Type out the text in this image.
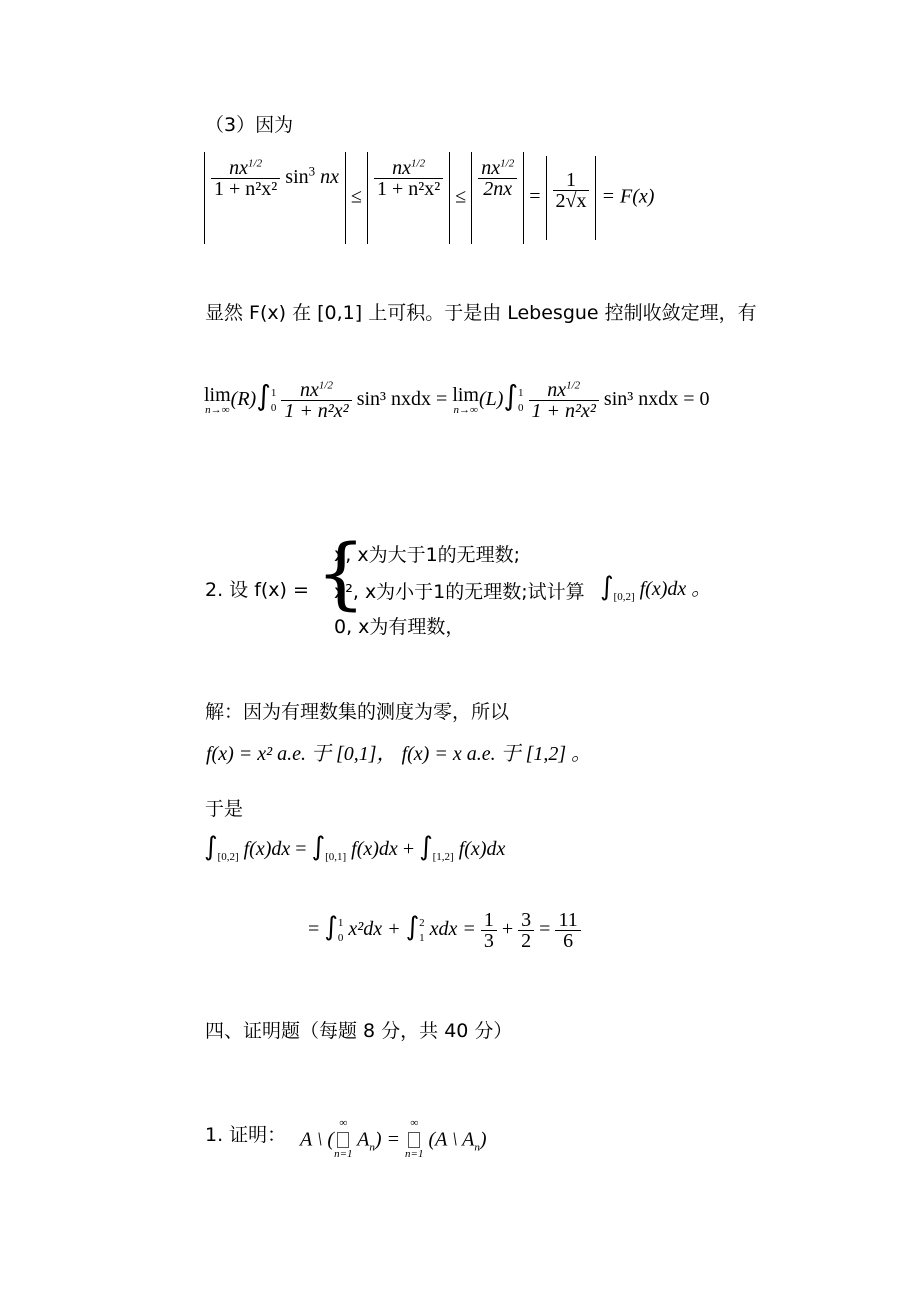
（3）因为
$\frac{nx^{1/2}}{\text{1 + n²x²}} \sin^3$ nx ≤ $\frac{nx^{1/2}}{\text{1 + n²x²}} \le \frac{nx^{1/2}}{2nx} = \frac{1}{2√x} = F(x)$
显然 F(x) 在 [0,1] 上可积。于是由 Lebesgue 控制收敛定理，有
lim
n→∞ (R)∫ 1
0
$\frac{nx^{1/2}}{\text{1 + n²x²}} \sin^3$ nxdx = lim
n→∞ (L)∫ 1
0
$\frac{nx^{1/2}}{\text{1 + n²x²}} \sin^3$ nxdx = 0
2. 设 f(x) = {
x, x为大于1的无理数;
x², x为小于1的无理数;试计算 $\int_{[0,2]}$ f(x)dx 。
0, x为有理数，
解：因为有理数集的测度为零，所以
f(x) = x² a.e. 于 [0,1]， f(x) = x a.e. 于 [1,2] 。
于是
$\int_{[0,2]}$ $f(x)dx = \int_{[0,1]}$ $f(x)dx + \int_{[1,2]}$ f(x)dx
= ∫ 1
0 x²dx + ∫ 2
1 xdx = $\frac{1}{3} + \frac{3}{2} = \frac{11}{6}$
四、证明题（每题 8 分，共 40 分）
1. 证明： A \ (
∞
n=1
$A_n$) =
∞
n=1
(A \ $A_n$)
